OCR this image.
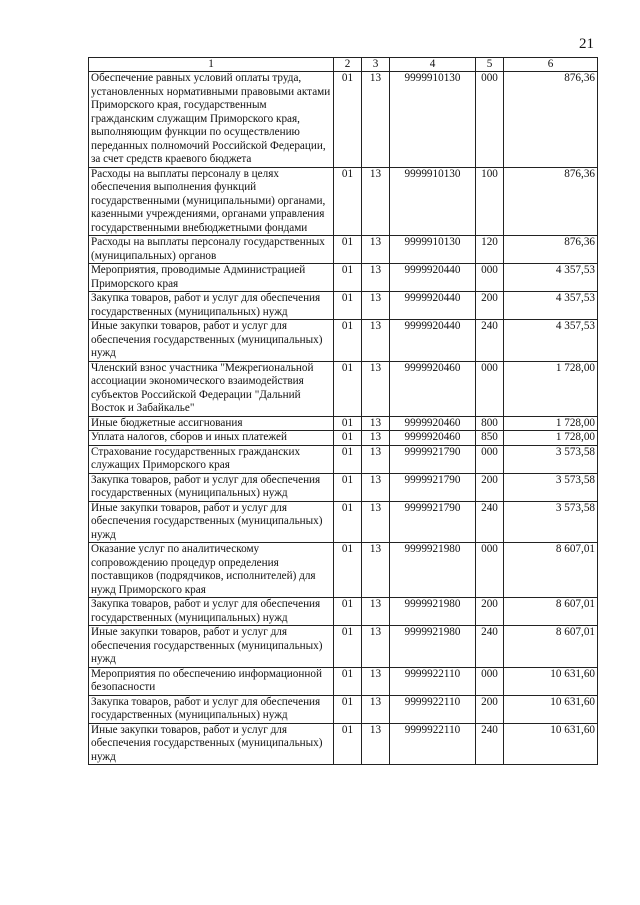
21
1	2	3	4	5	6
Обеспечение равных условий оплаты труда, установленных нормативными правовыми актами Приморского края, государственным гражданским служащим Приморского края, выполняющим функции по осуществлению переданных полномочий Российской Федерации, за счет средств краевого бюджета	01	13	9999910130	000	876,36
Расходы на выплаты персоналу в целях обеспечения выполнения функций государственными (муниципальными) органами, казенными учреждениями, органами управления государственными внебюджетными фондами	01	13	9999910130	100	876,36
Расходы на выплаты персоналу государственных (муниципальных) органов	01	13	9999910130	120	876,36
Мероприятия, проводимые Администрацией Приморского края	01	13	9999920440	000	4 357,53
Закупка товаров, работ и услуг для обеспечения государственных (муниципальных) нужд	01	13	9999920440	200	4 357,53
Иные закупки товаров, работ и услуг для обеспечения государственных (муниципальных) нужд	01	13	9999920440	240	4 357,53
Членский взнос участника "Межрегиональной ассоциации экономического взаимодействия субъектов Российской Федерации "Дальний Восток и Забайкалье"	01	13	9999920460	000	1 728,00
Иные бюджетные ассигнования	01	13	9999920460	800	1 728,00
Уплата налогов, сборов и иных платежей	01	13	9999920460	850	1 728,00
Страхование государственных гражданских служащих Приморского края	01	13	9999921790	000	3 573,58
Закупка товаров, работ и услуг для обеспечения государственных (муниципальных) нужд	01	13	9999921790	200	3 573,58
Иные закупки товаров, работ и услуг для обеспечения государственных (муниципальных) нужд	01	13	9999921790	240	3 573,58
Оказание услуг по аналитическому сопровождению процедур определения поставщиков (подрядчиков, исполнителей) для нужд Приморского края	01	13	9999921980	000	8 607,01
Закупка товаров, работ и услуг для обеспечения государственных (муниципальных) нужд	01	13	9999921980	200	8 607,01
Иные закупки товаров, работ и услуг для обеспечения государственных (муниципальных) нужд	01	13	9999921980	240	8 607,01
Мероприятия по обеспечению информационной безопасности	01	13	9999922110	000	10 631,60
Закупка товаров, работ и услуг для обеспечения государственных (муниципальных) нужд	01	13	9999922110	200	10 631,60
Иные закупки товаров, работ и услуг для обеспечения государственных (муниципальных) нужд	01	13	9999922110	240	10 631,60
